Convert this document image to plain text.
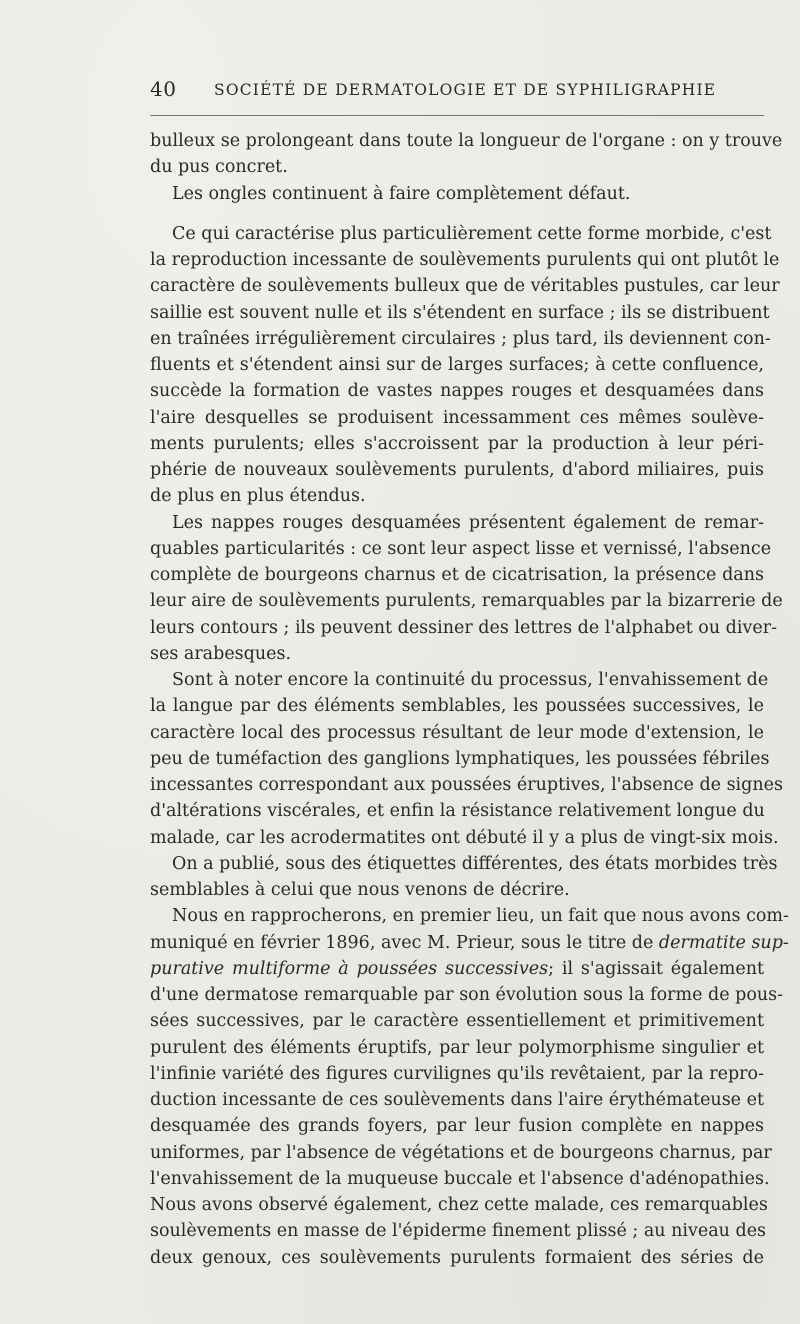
40 SOCIÉTÉ DE DERMATOLOGIE ET DE SYPHILIGRAPHIE
bulleux se prolongeant dans toute la longueur de l'organe : on y trouve
du pus concret.
Les ongles continuent à faire complètement défaut.
Ce qui caractérise plus particulièrement cette forme morbide, c'est
la reproduction incessante de soulèvements purulents qui ont plutôt le
caractère de soulèvements bulleux que de véritables pustules, car leur
saillie est souvent nulle et ils s'étendent en surface ; ils se distribuent
en traînées irrégulièrement circulaires ; plus tard, ils deviennent con-
fluents et s'étendent ainsi sur de larges surfaces; à cette confluence,
succède la formation de vastes nappes rouges et desquamées dans
l'aire desquelles se produisent incessamment ces mêmes soulève-
ments purulents; elles s'accroissent par la production à leur péri-
phérie de nouveaux soulèvements purulents, d'abord miliaires, puis
de plus en plus étendus.
Les nappes rouges desquamées présentent également de remar-
quables particularités : ce sont leur aspect lisse et vernissé, l'absence
complète de bourgeons charnus et de cicatrisation, la présence dans
leur aire de soulèvements purulents, remarquables par la bizarrerie de
leurs contours ; ils peuvent dessiner des lettres de l'alphabet ou diver-
ses arabesques.
Sont à noter encore la continuité du processus, l'envahissement de
la langue par des éléments semblables, les poussées successives, le
caractère local des processus résultant de leur mode d'extension, le
peu de tuméfaction des ganglions lymphatiques, les poussées fébriles
incessantes correspondant aux poussées éruptives, l'absence de signes
d'altérations viscérales, et enfin la résistance relativement longue du
malade, car les acrodermatites ont débuté il y a plus de vingt-six mois.
On a publié, sous des étiquettes différentes, des états morbides très
semblables à celui que nous venons de décrire.
Nous en rapprocherons, en premier lieu, un fait que nous avons com-
muniqué en février 1896, avec M. Prieur, sous le titre de dermatite sup-
purative multiforme à poussées successives; il s'agissait également
d'une dermatose remarquable par son évolution sous la forme de pous-
sées successives, par le caractère essentiellement et primitivement
purulent des éléments éruptifs, par leur polymorphisme singulier et
l'infinie variété des figures curvilignes qu'ils revêtaient, par la repro-
duction incessante de ces soulèvements dans l'aire érythémateuse et
desquamée des grands foyers, par leur fusion complète en nappes
uniformes, par l'absence de végétations et de bourgeons charnus, par
l'envahissement de la muqueuse buccale et l'absence d'adénopathies.
Nous avons observé également, chez cette malade, ces remarquables
soulèvements en masse de l'épiderme finement plissé ; au niveau des
deux genoux, ces soulèvements purulents formaient des séries de
